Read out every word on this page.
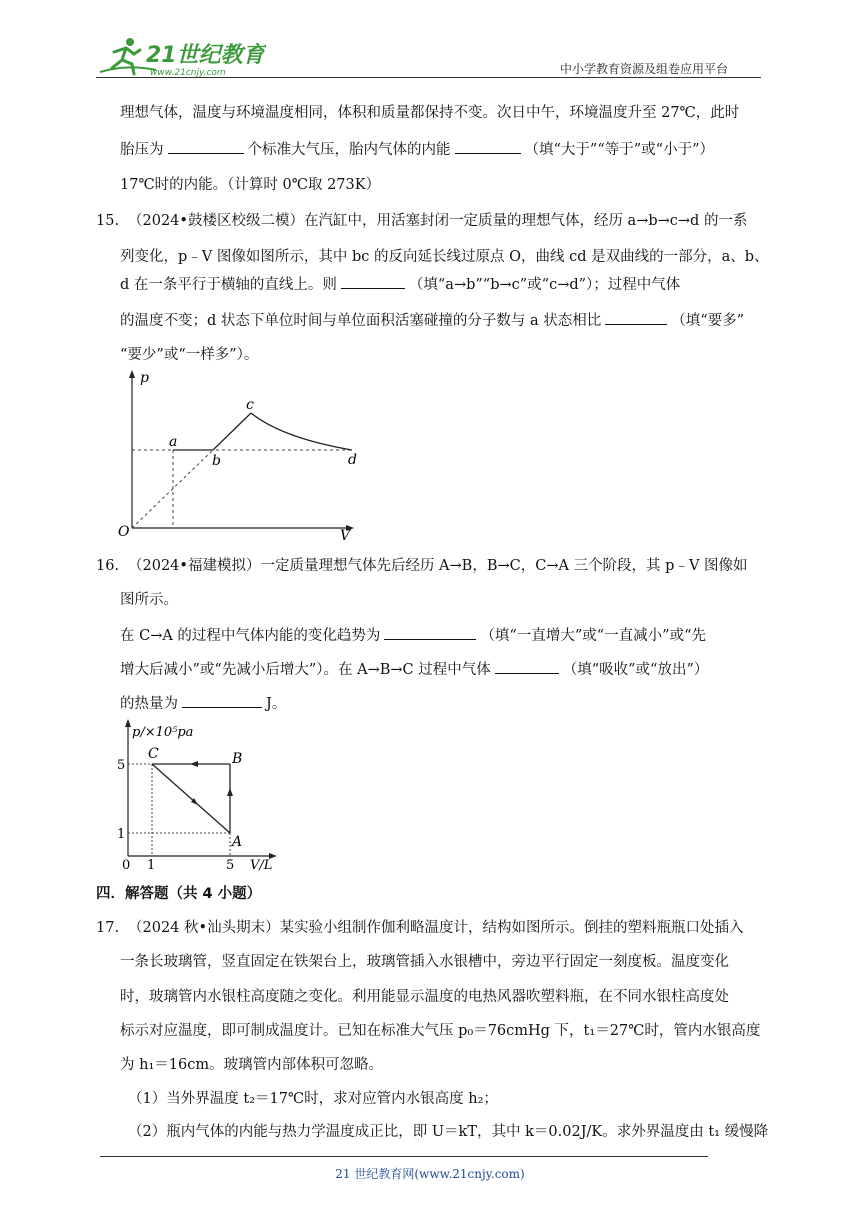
21世纪教育
www.21cnjy.com	中小学教育资源及组卷应用平台
理想气体，温度与环境温度相同，体积和质量都保持不变。次日中午，环境温度升至 27℃，此时
胎压为	个标准大气压，胎内气体的内能	（填“大于”“等于”或“小于”）
17℃时的内能。（计算时 0℃取 273K）
15. （2024•鼓楼区校级二模）在汽缸中，用活塞封闭一定质量的理想气体，经历 a→b→c→d 的一系
列变化，p﹣V 图像如图所示，其中 bc 的反向延长线过原点 O，曲线 cd 是双曲线的一部分，a、b、
d 在一条平行于横轴的直线上。则	（填“a→b”“b→c”或“c→d”）；过程中气体
的温度不变；d 状态下单位时间与单位面积活塞碰撞的分子数与 a 状态相比	（填“要多”
“要少”或“一样多”）。
p
V
O
a
b
c
d
16. （2024•福建模拟）一定质量理想气体先后经历 A→B，B→C，C→A 三个阶段，其 p﹣V 图像如
图所示。
在 C→A 的过程中气体内能的变化趋势为	（填“一直增大”或“一直减小”或“先
增大后减小”或“先减小后增大”）。在 A→B→C 过程中气体	（填“吸收”或“放出”）
的热量为	J。
p/×10⁵pa
V/L
5
1
0 1	5
C	B
A
四．解答题（共 4 小题）
17. （2024 秋•汕头期末）某实验小组制作伽利略温度计，结构如图所示。倒挂的塑料瓶瓶口处插入
一条长玻璃管，竖直固定在铁架台上，玻璃管插入水银槽中，旁边平行固定一刻度板。温度变化
时，玻璃管内水银柱高度随之变化。利用能显示温度的电热风器吹塑料瓶，在不同水银柱高度处
标示对应温度，即可制成温度计。已知在标准大气压 p₀＝76cmHg 下，t₁＝27℃时，管内水银高度
为 h₁＝16cm。玻璃管内部体积可忽略。
（1）当外界温度 t₂＝17℃时，求对应管内水银高度 h₂；
（2）瓶内气体的内能与热力学温度成正比，即 U＝kT，其中 k＝0.02J/K。求外界温度由 t₁ 缓慢降
21 世纪教育网(www.21cnjy.com)
